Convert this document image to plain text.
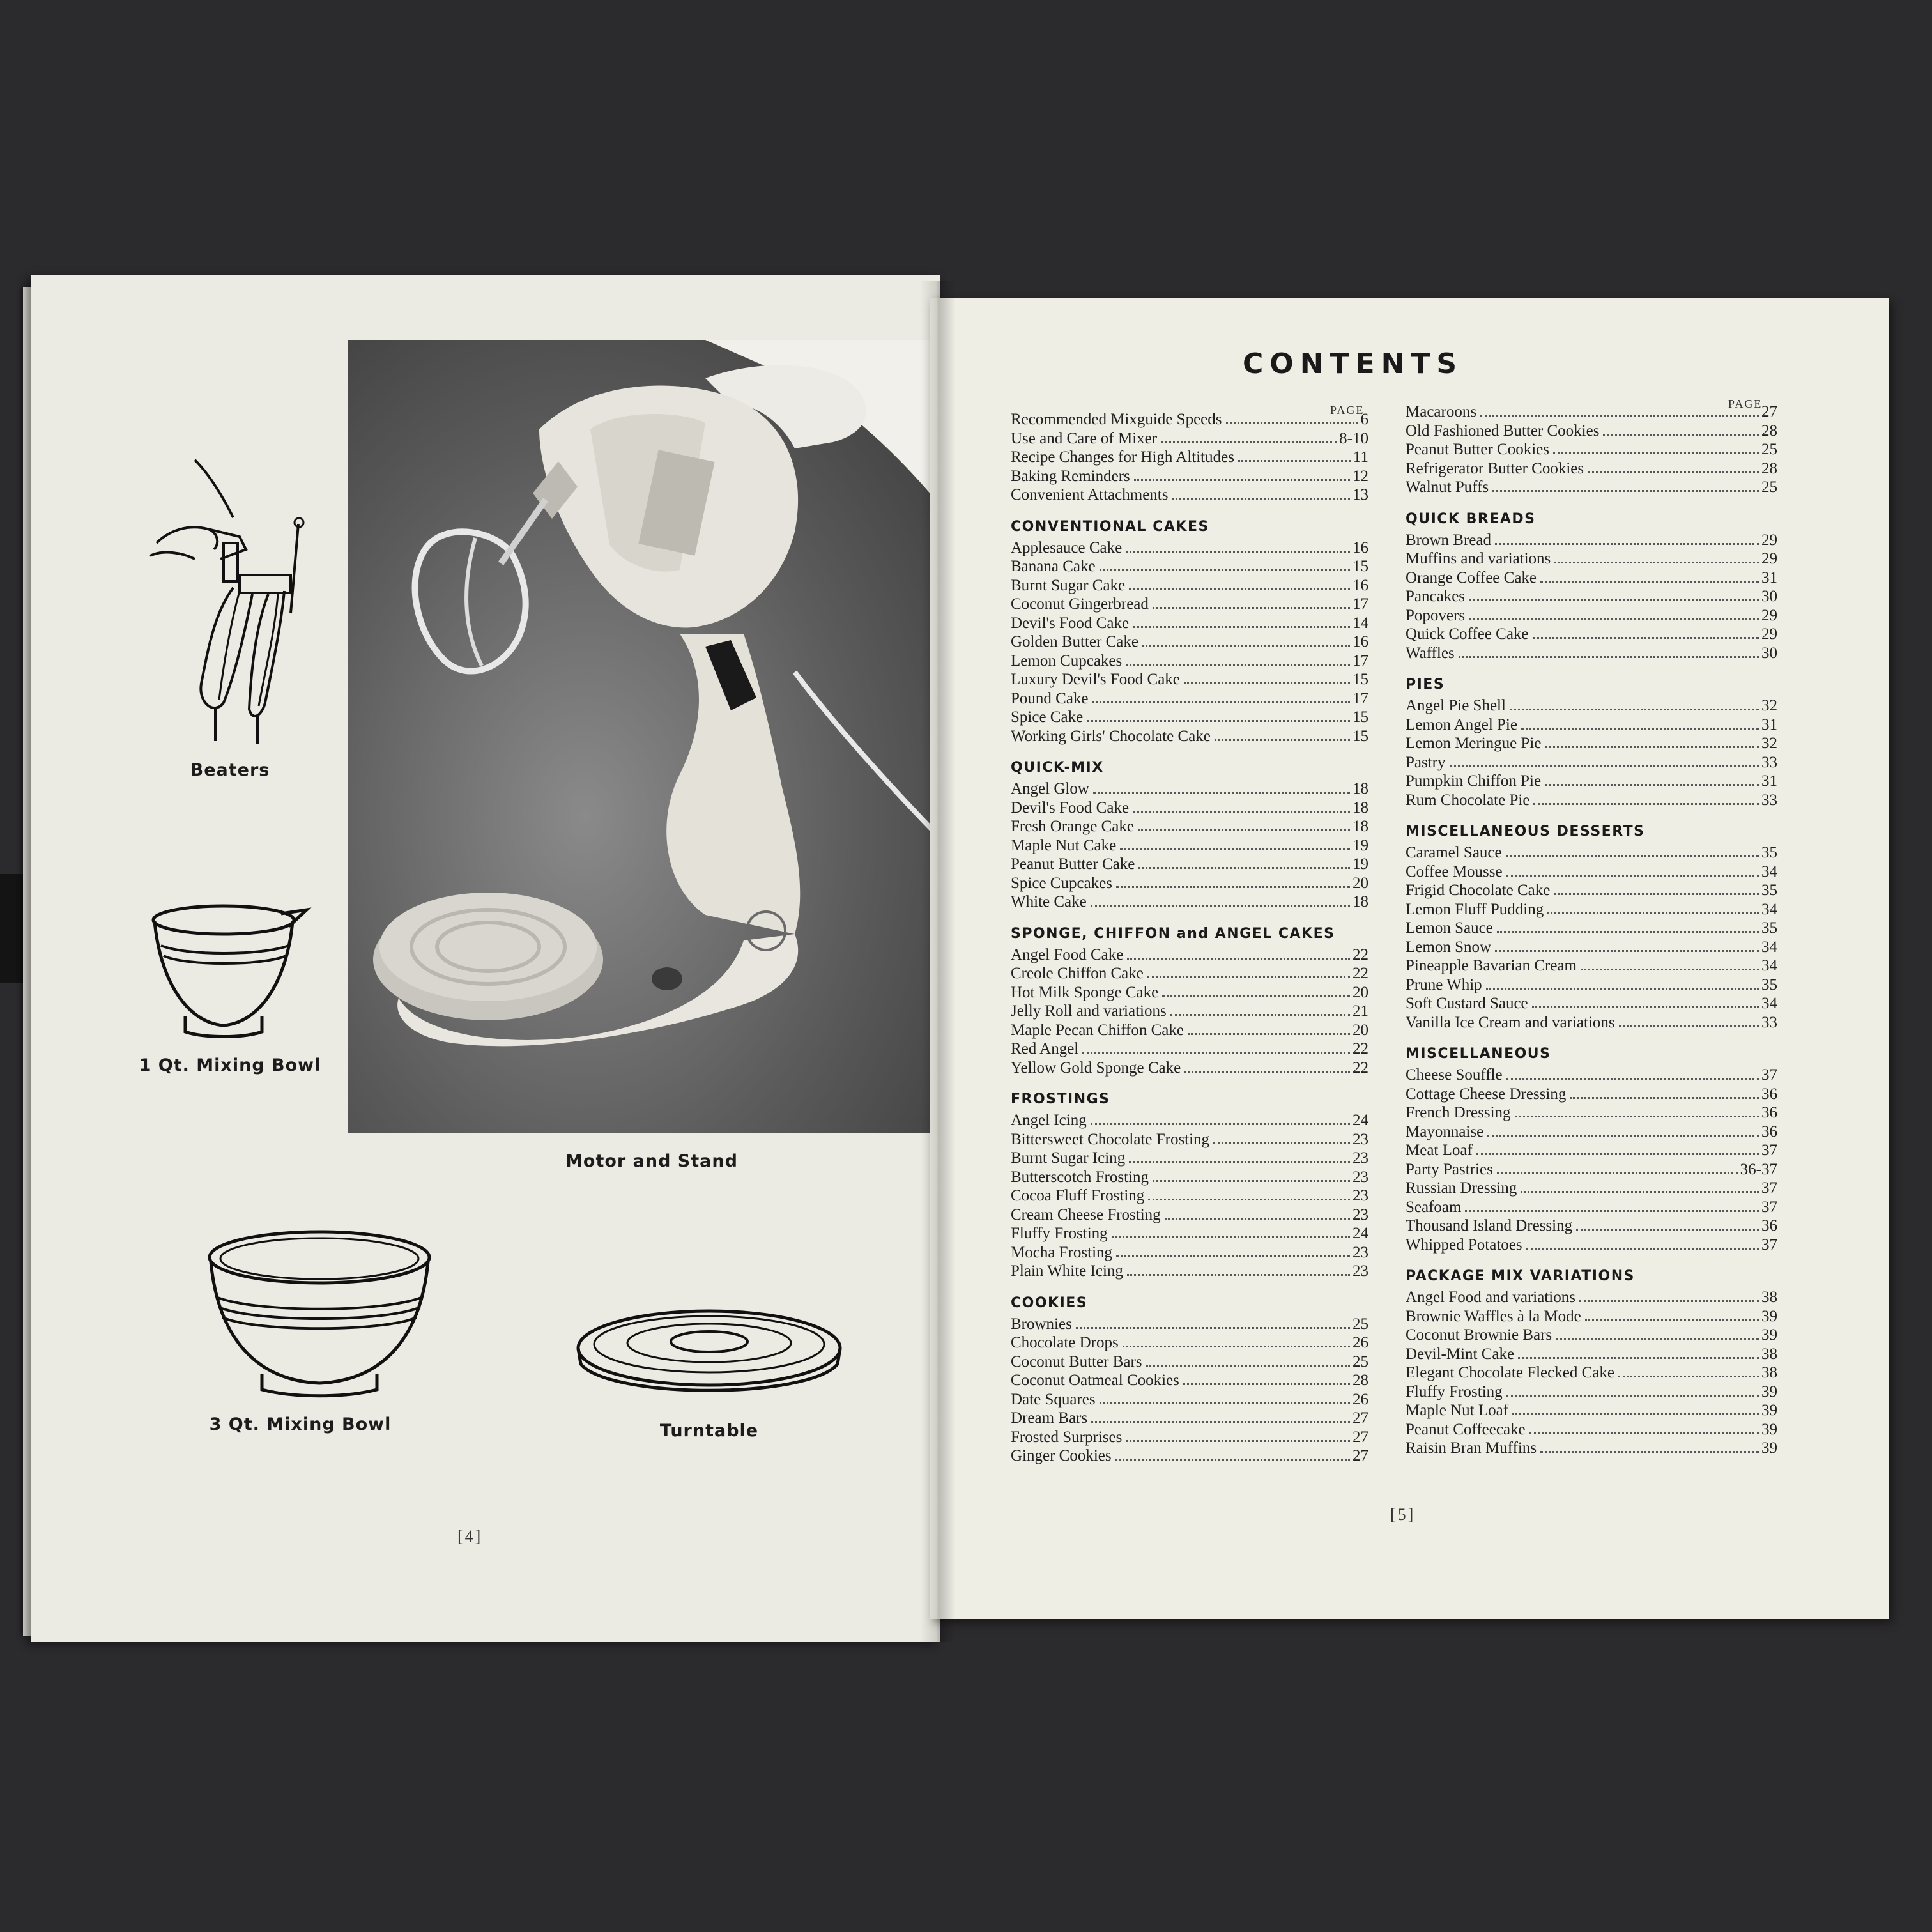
Beaters
1 Qt. Mixing Bowl
Motor and Stand
3 Qt. Mixing Bowl	Turntable
[4]
CONTENTS
PAGE	PAGE
Recommended Mixguide Speeds	6
Use and Care of Mixer	8-10
Recipe Changes for High Altitudes	11
Baking Reminders	12
Convenient Attachments	13
CONVENTIONAL CAKES
Applesauce Cake	16
Banana Cake	15
Burnt Sugar Cake	16
Coconut Gingerbread	17
Devil's Food Cake	14
Golden Butter Cake	16
Lemon Cupcakes	17
Luxury Devil's Food Cake	15
Pound Cake	17
Spice Cake	15
Working Girls' Chocolate Cake	15
QUICK-MIX
Angel Glow	18
Devil's Food Cake	18
Fresh Orange Cake	18
Maple Nut Cake	19
Peanut Butter Cake	19
Spice Cupcakes	20
White Cake	18
SPONGE, CHIFFON and ANGEL CAKES
Angel Food Cake	22
Creole Chiffon Cake	22
Hot Milk Sponge Cake	20
Jelly Roll and variations	21
Maple Pecan Chiffon Cake	20
Red Angel	22
Yellow Gold Sponge Cake	22
FROSTINGS
Angel Icing	24
Bittersweet Chocolate Frosting	23
Burnt Sugar Icing	23
Butterscotch Frosting	23
Cocoa Fluff Frosting	23
Cream Cheese Frosting	23
Fluffy Frosting	24
Mocha Frosting	23
Plain White Icing	23
COOKIES
Brownies	25
Chocolate Drops	26
Coconut Butter Bars	25
Coconut Oatmeal Cookies	28
Date Squares	26
Dream Bars	27
Frosted Surprises	27
Ginger Cookies	27
Macaroons	27
Old Fashioned Butter Cookies	28
Peanut Butter Cookies	25
Refrigerator Butter Cookies	28
Walnut Puffs	25
QUICK BREADS
Brown Bread	29
Muffins and variations	29
Orange Coffee Cake	31
Pancakes	30
Popovers	29
Quick Coffee Cake	29
Waffles	30
PIES
Angel Pie Shell	32
Lemon Angel Pie	31
Lemon Meringue Pie	32
Pastry	33
Pumpkin Chiffon Pie	31
Rum Chocolate Pie	33
MISCELLANEOUS DESSERTS
Caramel Sauce	35
Coffee Mousse	34
Frigid Chocolate Cake	35
Lemon Fluff Pudding	34
Lemon Sauce	35
Lemon Snow	34
Pineapple Bavarian Cream	34
Prune Whip	35
Soft Custard Sauce	34
Vanilla Ice Cream and variations	33
MISCELLANEOUS
Cheese Souffle	37
Cottage Cheese Dressing	36
French Dressing	36
Mayonnaise	36
Meat Loaf	37
Party Pastries	36-37
Russian Dressing	37
Seafoam	37
Thousand Island Dressing	36
Whipped Potatoes	37
PACKAGE MIX VARIATIONS
Angel Food and variations	38
Brownie Waffles à la Mode	39
Coconut Brownie Bars	39
Devil-Mint Cake	38
Elegant Chocolate Flecked Cake	38
Fluffy Frosting	39
Maple Nut Loaf	39
Peanut Coffeecake	39
Raisin Bran Muffins	39
[5]
